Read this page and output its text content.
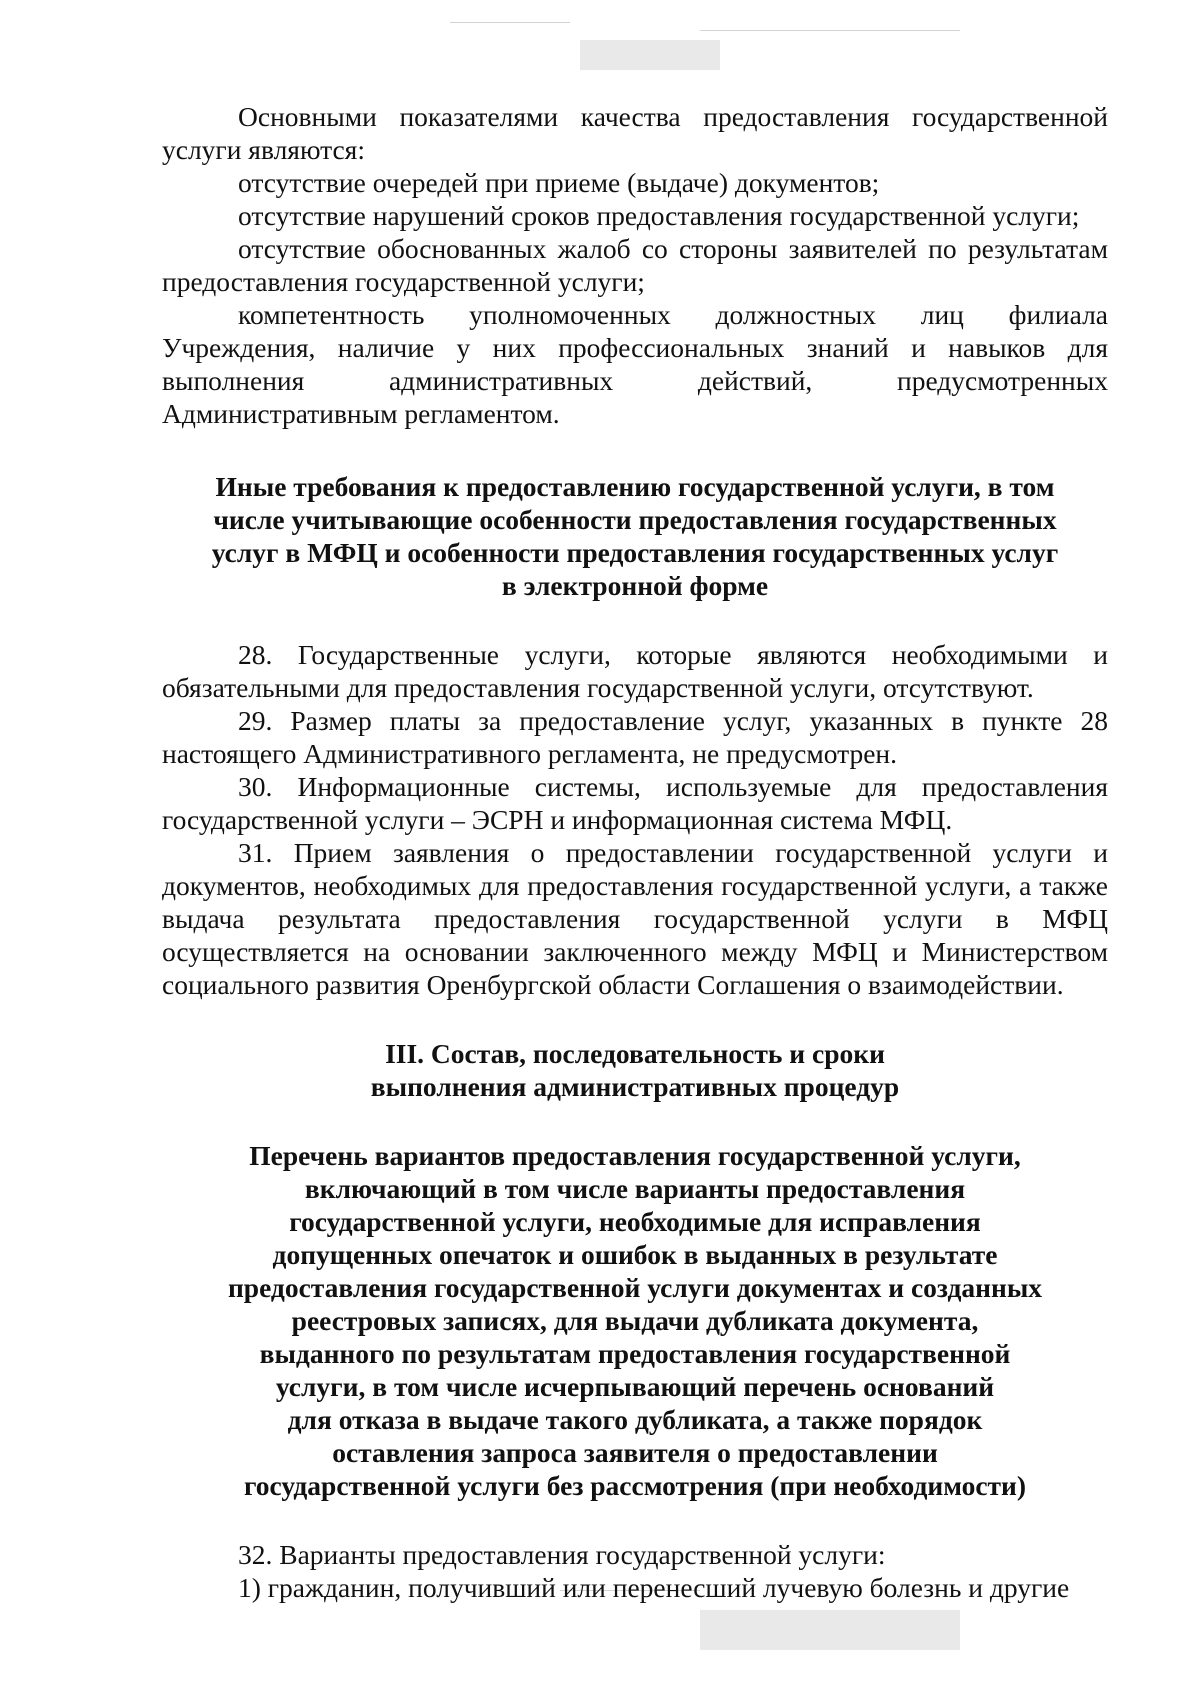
Основными показателями качества предоставления государственной услуги являются:

отсутствие очередей при приеме (выдаче) документов;

отсутствие нарушений сроков предоставления государственной услуги;

отсутствие обоснованных жалоб со стороны заявителей по результатам предоставления государственной услуги;

компетентность уполномоченных должностных лиц филиала Учреждения, наличие у них профессиональных знаний и навыков для выполнения административных действий, предусмотренных Административным регламентом.

Иные требования к предоставлению государственной услуги, в том
числе учитывающие особенности предоставления государственных
услуг в МФЦ и особенности предоставления государственных услуг
в электронной форме

28. Государственные услуги, которые являются необходимыми и обязательными для предоставления государственной услуги, отсутствуют.

29. Размер платы за предоставление услуг, указанных в пункте 28 настоящего Административного регламента, не предусмотрен.

30. Информационные системы, используемые для предоставления государственной услуги – ЭСРН и информационная система МФЦ.

31. Прием заявления о предоставлении государственной услуги и документов, необходимых для предоставления государственной услуги, а также выдача результата предоставления государственной услуги в МФЦ осуществляется на основании заключенного между МФЦ и Министерством социального развития Оренбургской области Соглашения о взаимодействии.

III. Состав, последовательность и сроки
выполнения административных процедур
Перечень вариантов предоставления государственной услуги,
включающий в том числе варианты предоставления
государственной услуги, необходимые для исправления
допущенных опечаток и ошибок в выданных в результате
предоставления государственной услуги документах и созданных
реестровых записях, для выдачи дубликата документа,
выданного по результатам предоставления государственной
услуги, в том числе исчерпывающий перечень оснований
для отказа в выдаче такого дубликата, а также порядок
оставления запроса заявителя о предоставлении
государственной услуги без рассмотрения (при необходимости)

32. Варианты предоставления государственной услуги:

1) гражданин, получивший или перенесший лучевую болезнь и другие
